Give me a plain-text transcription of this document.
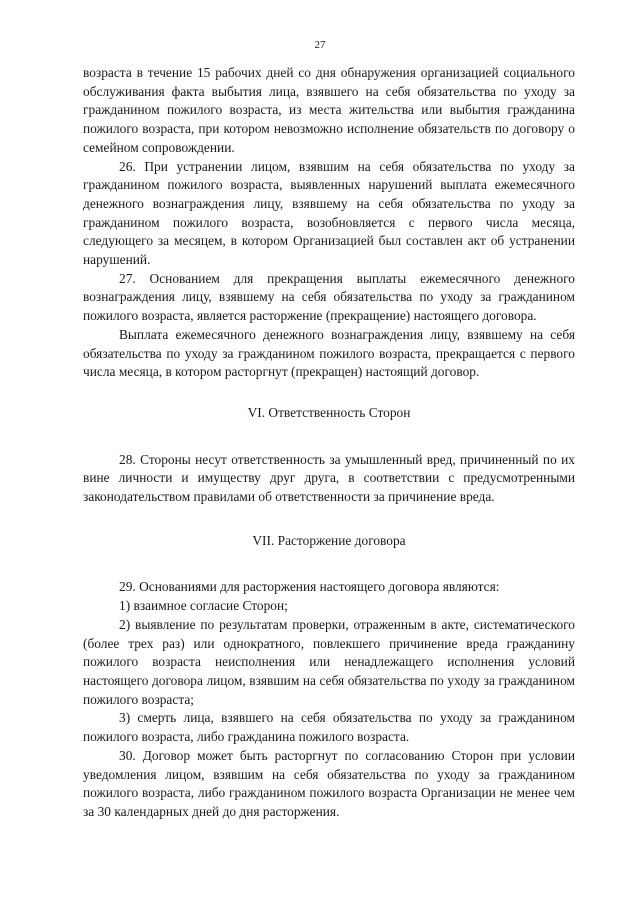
27

возраста в течение 15 рабочих дней со дня обнаружения организацией социального обслуживания факта выбытия лица, взявшего на себя обязательства по уходу за гражданином пожилого возраста, из места жительства или выбытия гражданина пожилого возраста, при котором невозможно исполнение обязательств по договору о семейном сопровождении.

26. При устранении лицом, взявшим на себя обязательства по уходу за гражданином пожилого возраста, выявленных нарушений выплата ежемесячного денежного вознаграждения лицу, взявшему на себя обязательства по уходу за гражданином пожилого возраста, возобновляется с первого числа месяца, следующего за месяцем, в котором Организацией был составлен акт об устранении нарушений.

27. Основанием для прекращения выплаты ежемесячного денежного вознаграждения лицу, взявшему на себя обязательства по уходу за гражданином пожилого возраста, является расторжение (прекращение) настоящего договора.

Выплата ежемесячного денежного вознаграждения лицу, взявшему на себя обязательства по уходу за гражданином пожилого возраста, прекращается с первого числа месяца, в котором расторгнут (прекращен) настоящий договор.

VI. Ответственность Сторон

28. Стороны несут ответственность за умышленный вред, причиненный по их вине личности и имуществу друг друга, в соответствии с предусмотренными законодательством правилами об ответственности за причинение вреда.

VII. Расторжение договора

29. Основаниями для расторжения настоящего договора являются:

1) взаимное согласие Сторон;

2) выявление по результатам проверки, отраженным в акте, систематического (более трех раз) или однократного, повлекшего причинение вреда гражданину пожилого возраста неисполнения или ненадлежащего исполнения условий настоящего договора лицом, взявшим на себя обязательства по уходу за гражданином пожилого возраста;

3) смерть лица, взявшего на себя обязательства по уходу за гражданином пожилого возраста, либо гражданина пожилого возраста.

30. Договор может быть расторгнут по согласованию Сторон при условии уведомления лицом, взявшим на себя обязательства по уходу за гражданином пожилого возраста, либо гражданином пожилого возраста Организации не менее чем за 30 календарных дней до дня расторжения.
